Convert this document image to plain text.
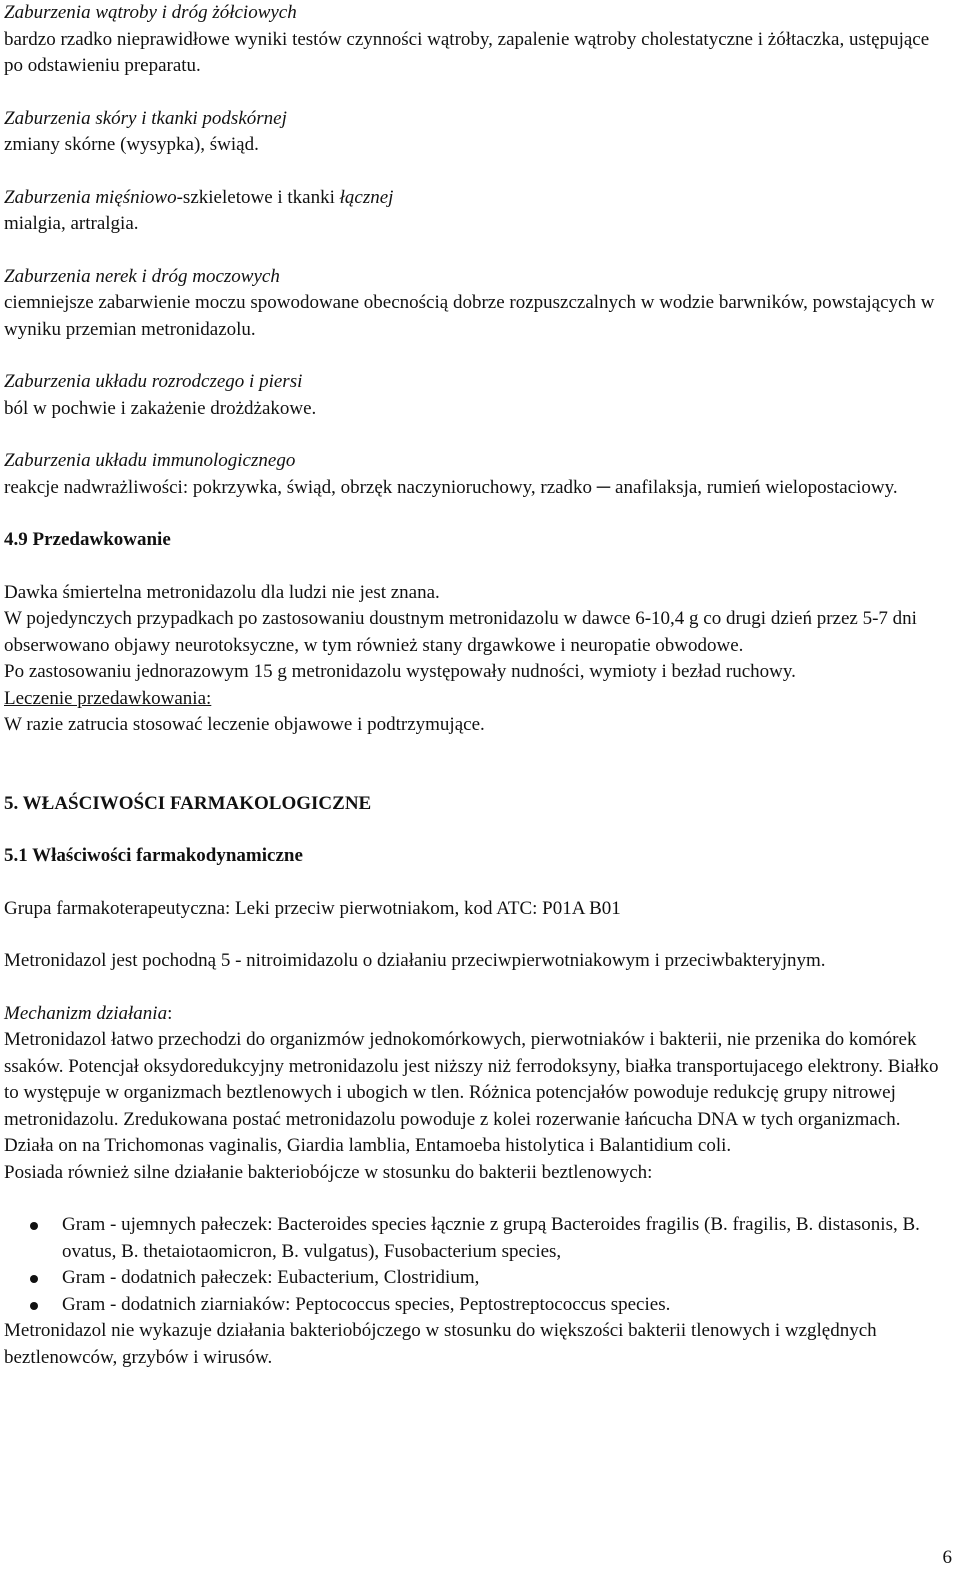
Zaburzenia wątroby i dróg żółciowych

bardzo rzadko nieprawidłowe wyniki testów czynności wątroby, zapalenie wątroby cholestatyczne i żółtaczka, ustępujące po odstawieniu preparatu.

Zaburzenia skóry i tkanki podskórnej

zmiany skórne (wysypka), świąd.

Zaburzenia mięśniowo-szkieletowe i tkanki łącznej

mialgia, artralgia.

Zaburzenia nerek i dróg moczowych

ciemniejsze zabarwienie moczu spowodowane obecnością dobrze rozpuszczalnych w wodzie barwników, powstających w wyniku przemian metronidazolu.

Zaburzenia układu rozrodczego i piersi

ból w pochwie i zakażenie drożdżakowe.

Zaburzenia układu immunologicznego

reakcje nadwrażliwości: pokrzywka, świąd, obrzęk naczynioruchowy, rzadko ─ anafilaksja, rumień wielopostaciowy.

4.9 Przedawkowanie

Dawka śmiertelna metronidazolu dla ludzi nie jest znana.

W pojedynczych przypadkach po zastosowaniu doustnym metronidazolu w dawce 6-10,4 g co drugi dzień przez 5-7 dni obserwowano objawy neurotoksyczne, w tym również stany drgawkowe i neuropatie obwodowe.

Po zastosowaniu jednorazowym 15 g metronidazolu występowały nudności, wymioty i bezład ruchowy.

Leczenie przedawkowania:

W razie zatrucia stosować leczenie objawowe i podtrzymujące.

5. WŁAŚCIWOŚCI FARMAKOLOGICZNE

5.1 Właściwości farmakodynamiczne

Grupa farmakoterapeutyczna: Leki przeciw pierwotniakom, kod ATC: P01A B01

Metronidazol jest pochodną 5 - nitroimidazolu o działaniu przeciwpierwotniakowym i przeciwbakteryjnym.

Mechanizm działania:

Metronidazol łatwo przechodzi do organizmów jednokomórkowych, pierwotniaków i bakterii, nie przenika do komórek ssaków. Potencjał oksydoredukcyjny metronidazolu jest niższy niż ferrodoksyny, białka transportujacego elektrony. Białko to występuje w organizmach beztlenowych i ubogich w tlen. Różnica potencjałów powoduje redukcję grupy nitrowej metronidazolu. Zredukowana postać metronidazolu powoduje z kolei rozerwanie łańcucha DNA w tych organizmach.

Działa on na Trichomonas vaginalis, Giardia lamblia, Entamoeba histolytica i Balantidium coli.

Posiada również silne działanie bakteriobójcze w stosunku do bakterii beztlenowych:

Gram - ujemnych pałeczek: Bacteroides species łącznie z grupą Bacteroides fragilis (B. fragilis, B. distasonis, B. ovatus, B. thetaiotaomicron, B. vulgatus), Fusobacterium species,
Gram - dodatnich pałeczek: Eubacterium, Clostridium,
Gram - dodatnich ziarniaków: Peptococcus species, Peptostreptococcus species.

Metronidazol nie wykazuje działania bakteriobójczego w stosunku do większości bakterii tlenowych i względnych beztlenowców, grzybów i wirusów.

6
